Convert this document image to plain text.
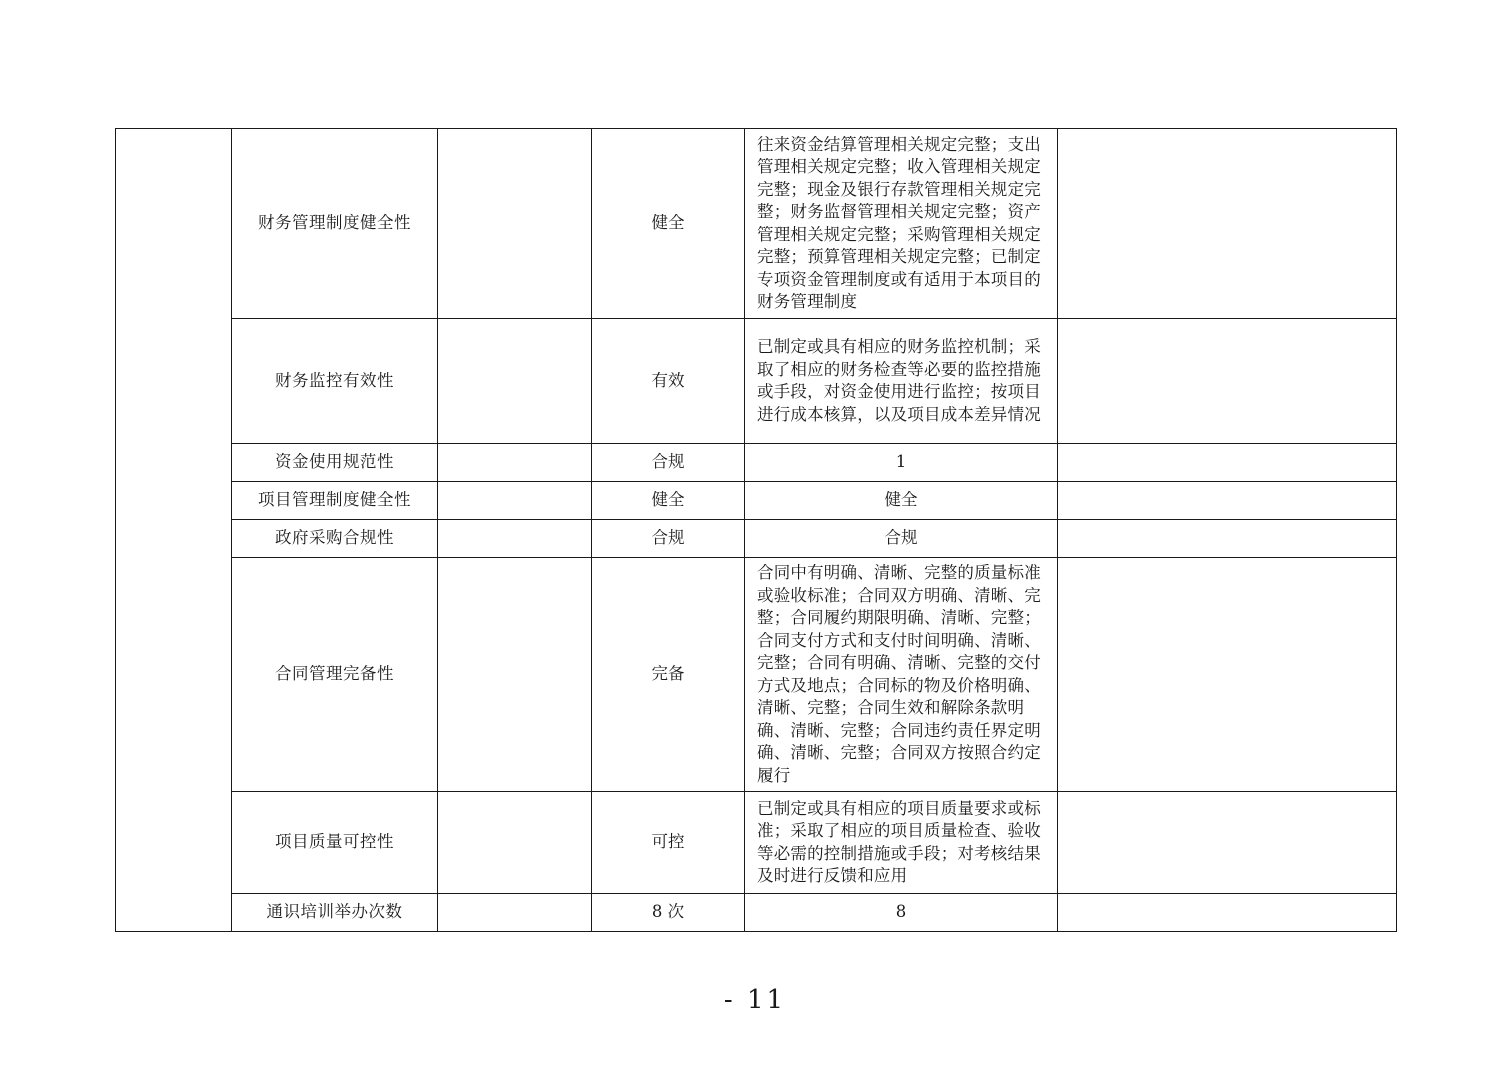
	财务管理制度健全性		健全	往来资金结算管理相关规定完整；支出管理相关规定完整；收入管理相关规定完整；现金及银行存款管理相关规定完整；财务监督管理相关规定完整；资产管理相关规定完整；采购管理相关规定完整；预算管理相关规定完整；已制定专项资金管理制度或有适用于本项目的财务管理制度	
	财务监控有效性		有效	已制定或具有相应的财务监控机制；采取了相应的财务检查等必要的监控措施或手段，对资金使用进行监控；按项目进行成本核算，以及项目成本差异情况	
	资金使用规范性		合规	1	
	项目管理制度健全性		健全	健全	
	政府采购合规性		合规	合规	
	合同管理完备性		完备	合同中有明确、清晰、完整的质量标准或验收标准；合同双方明确、清晰、完整；合同履约期限明确、清晰、完整；合同支付方式和支付时间明确、清晰、完整；合同有明确、清晰、完整的交付方式及地点；合同标的物及价格明确、清晰、完整；合同生效和解除条款明确、清晰、完整；合同违约责任界定明确、清晰、完整；合同双方按照合约定履行	
	项目质量可控性		可控	已制定或具有相应的项目质量要求或标准；采取了相应的项目质量检查、验收等必需的控制措施或手段；对考核结果及时进行反馈和应用	
	通识培训举办次数		8 次	8	
- 11
